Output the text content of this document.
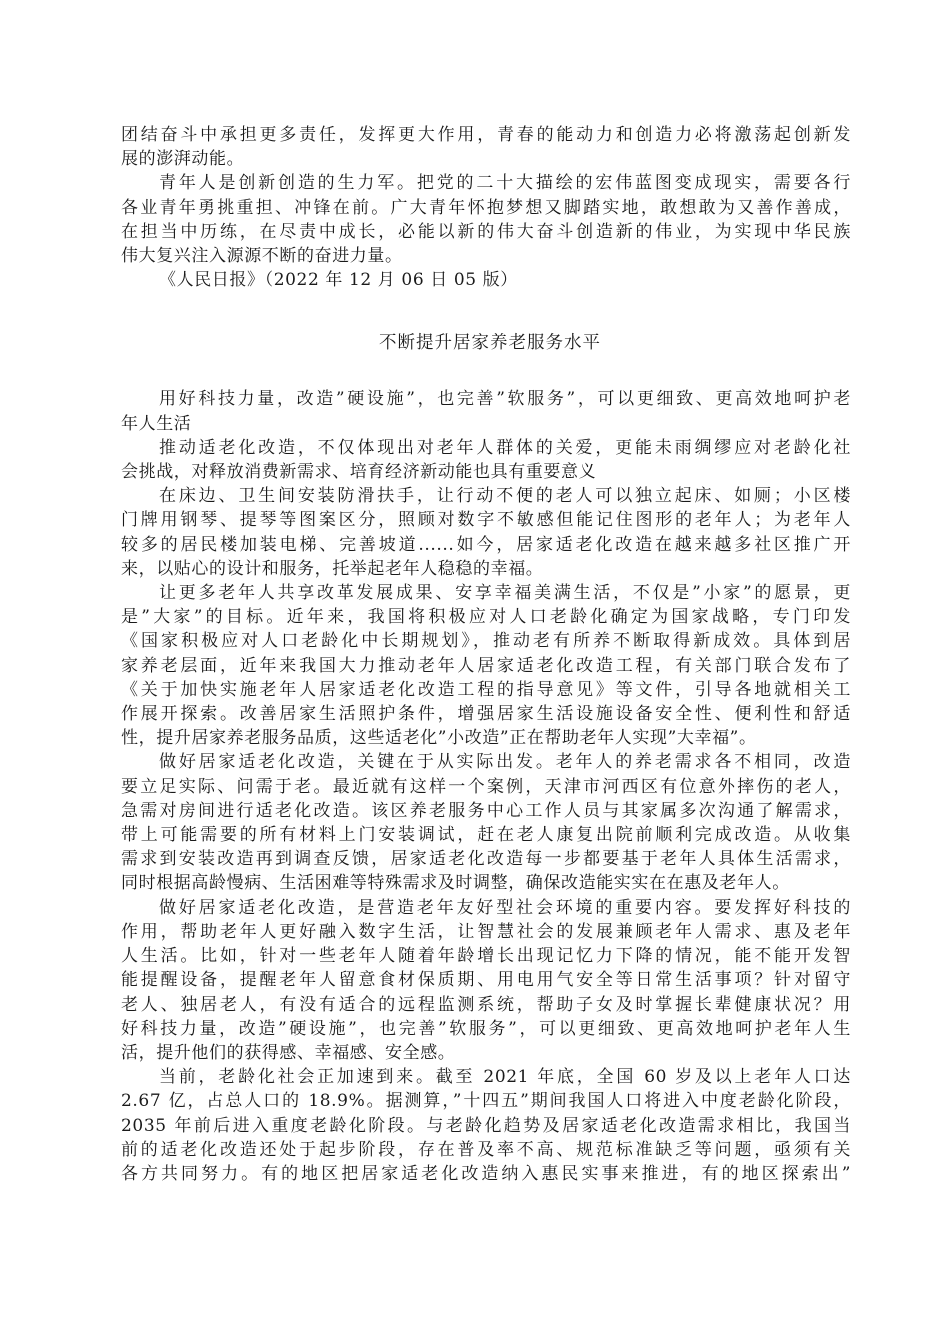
团结奋斗中承担更多责任，发挥更大作用，青春的能动力和创造力必将激荡起创新发

展的澎湃动能。

青年人是创新创造的生力军。把党的二十大描绘的宏伟蓝图变成现实，需要各行

各业青年勇挑重担、冲锋在前。广大青年怀抱梦想又脚踏实地，敢想敢为又善作善成，

在担当中历练，在尽责中成长，必能以新的伟大奋斗创造新的伟业，为实现中华民族

伟大复兴注入源源不断的奋进力量。

《人民日报》（2022 年 12 月 06 日 05 版）

不断提升居家养老服务水平

用好科技力量，改造”硬设施”，也完善”软服务”，可以更细致、更高效地呵护老

年人生活

推动适老化改造，不仅体现出对老年人群体的关爱，更能未雨绸缪应对老龄化社

会挑战，对释放消费新需求、培育经济新动能也具有重要意义

在床边、卫生间安装防滑扶手，让行动不便的老人可以独立起床、如厕；小区楼

门牌用钢琴、提琴等图案区分，照顾对数字不敏感但能记住图形的老年人；为老年人

较多的居民楼加装电梯、完善坡道......如今，居家适老化改造在越来越多社区推广开

来，以贴心的设计和服务，托举起老年人稳稳的幸福。

让更多老年人共享改革发展成果、安享幸福美满生活，不仅是”小家”的愿景，更

是”大家”的目标。近年来，我国将积极应对人口老龄化确定为国家战略，专门印发

《国家积极应对人口老龄化中长期规划》，推动老有所养不断取得新成效。具体到居

家养老层面，近年来我国大力推动老年人居家适老化改造工程，有关部门联合发布了

《关于加快实施老年人居家适老化改造工程的指导意见》等文件，引导各地就相关工

作展开探索。改善居家生活照护条件，增强居家生活设施设备安全性、便利性和舒适

性，提升居家养老服务品质，这些适老化”小改造”正在帮助老年人实现”大幸福”。

做好居家适老化改造，关键在于从实际出发。老年人的养老需求各不相同，改造

要立足实际、问需于老。最近就有这样一个案例，天津市河西区有位意外摔伤的老人，

急需对房间进行适老化改造。该区养老服务中心工作人员与其家属多次沟通了解需求，

带上可能需要的所有材料上门安装调试，赶在老人康复出院前顺利完成改造。从收集

需求到安装改造再到调查反馈，居家适老化改造每一步都要基于老年人具体生活需求，

同时根据高龄慢病、生活困难等特殊需求及时调整，确保改造能实实在在惠及老年人。

做好居家适老化改造，是营造老年友好型社会环境的重要内容。要发挥好科技的

作用，帮助老年人更好融入数字生活，让智慧社会的发展兼顾老年人需求、惠及老年

人生活。比如，针对一些老年人随着年龄增长出现记忆力下降的情况，能不能开发智

能提醒设备，提醒老年人留意食材保质期、用电用气安全等日常生活事项？针对留守

老人、独居老人，有没有适合的远程监测系统，帮助子女及时掌握长辈健康状况？用

好科技力量，改造”硬设施”，也完善”软服务”，可以更细致、更高效地呵护老年人生

活，提升他们的获得感、幸福感、安全感。

当前，老龄化社会正加速到来。截至 2021 年底，全国 60 岁及以上老年人口达

2.67 亿，占总人口的 18.9%。据测算，”十四五”期间我国人口将进入中度老龄化阶段，

2035 年前后进入重度老龄化阶段。与老龄化趋势及居家适老化改造需求相比，我国当

前的适老化改造还处于起步阶段，存在普及率不高、规范标准缺乏等问题，亟须有关

各方共同努力。有的地区把居家适老化改造纳入惠民实事来推进，有的地区探索出”
